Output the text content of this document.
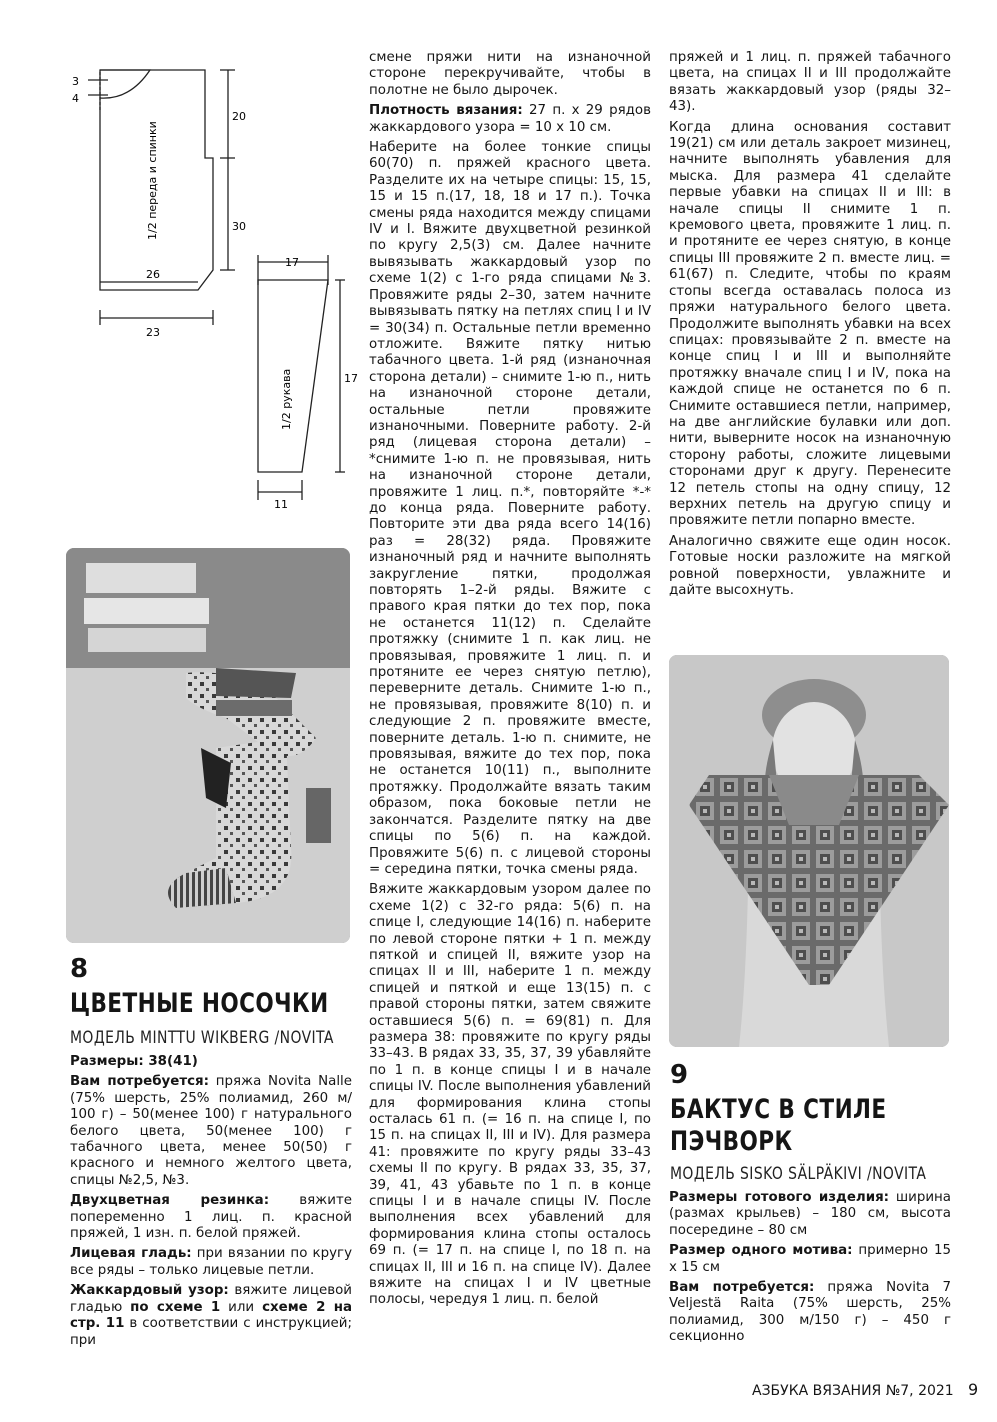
3
4
20
30
26
23
17
17
11
1/2 переда и спинки
1/2 рукава
8
ЦВЕТНЫЕ НОСОЧКИ
МОДЕЛЬ MINTTU WIKBERG /NOVITA

Размеры: 38(41)

Вам потребуется: пряжа Novita Nalle (75% шерсть, 25% полиамид, 260 м/ 100 г) – 50(менее 100) г натурального белого цвета, 50(менее 100) г табачного цвета, менее 50(50) г красного и немного желтого цвета, спицы №2,5, №3.

Двухцветная резинка: вяжите попеременно 1 лиц. п. красной пряжей, 1 изн. п. белой пряжей.

Лицевая гладь: при вязании по кругу все ряды – только лицевые петли.

Жаккардовый узор: вяжите лицевой гладью по схеме 1 или схеме 2 на стр. 11 в соответствии с инструкцией; при

смене пряжи нити на изнаночной стороне перекручивайте, чтобы в полотне не было дырочек.

Плотность вязания: 27 п. х 29 рядов жаккардового узора = 10 х 10 см.

Наберите на более тонкие спицы 60(70) п. пряжей красного цвета. Разделите их на четыре спицы: 15, 15, 15 и 15 п.(17, 18, 18 и 17 п.). Точка смены ряда находится между спицами IV и I. Вяжите двухцветной резинкой по кругу 2,5(3) см. Далее начните вывязывать жаккардовый узор по схеме 1(2) с 1-го ряда спицами №3. Провяжите ряды 2–30, затем начните вывязывать пятку на петлях спиц I и IV = 30(34) п. Остальные петли временно отложите. Вяжите пятку нитью табачного цвета. 1-й ряд (изнаночная сторона детали) – снимите 1-ю п., нить на изнаночной стороне детали, остальные петли провяжите изнаночными. Поверните работу. 2-й ряд (лицевая сторона детали) – *снимите 1-ю п. не провязывая, нить на изнаночной стороне детали, провяжите 1 лиц. п.*, повторяйте *-* до конца ряда. Поверните работу. Повторите эти два ряда всего 14(16) раз = 28(32) ряда. Провяжите изнаночный ряд и начните выполнять закругление пятки, продолжая повторять 1–2-й ряды. Вяжите с правого края пятки до тех пор, пока не останется 11(12) п. Сделайте протяжку (снимите 1 п. как лиц. не провязывая, провяжите 1 лиц. п. и протяните ее через снятую петлю), переверните деталь. Снимите 1-ю п., не провязывая, провяжите 8(10) п. и следующие 2 п. провяжите вместе, поверните деталь. 1-ю п. снимите, не провязывая, вяжите до тех пор, пока не останется 10(11) п., выполните протяжку. Продолжайте вязать таким образом, пока боковые петли не закончатся. Разделите пятку на две спицы по 5(6) п. на каждой. Провяжите 5(6) п. с лицевой стороны = середина пятки, точка смены ряда.

Вяжите жаккардовым узором далее по схеме 1(2) с 32-го ряда: 5(6) п. на спице I, следующие 14(16) п. наберите по левой стороне пятки + 1 п. между пяткой и спицей II, вяжите узор на спицах II и III, наберите 1 п. между спицей и пяткой и еще 13(15) п. с правой стороны пятки, затем свяжите оставшиеся 5(6) п. = 69(81) п. Для размера 38: провяжите по кругу ряды 33–43. В рядах 33, 35, 37, 39 убавляйте по 1 п. в конце спицы I и в начале спицы IV. После выполнения убавлений для формирования клина стопы осталась 61 п. (= 16 п. на спице I, по 15 п. на спицах II, III и IV). Для размера 41: провяжите по кругу ряды 33–43 схемы II по кругу. В рядах 33, 35, 37, 39, 41, 43 убавьте по 1 п. в конце спицы I и в начале спицы IV. После выполнения всех убавлений для формирования клина стопы осталось 69 п. (= 17 п. на спице I, по 18 п. на спицах II, III и 16 п. на спице IV). Далее вяжите на спицах I и IV цветные полосы, чередуя 1 лиц. п. белой

пряжей и 1 лиц. п. пряжей табачного цвета, на спицах II и III продолжайте вязать жаккардовый узор (ряды 32–43).

Когда длина основания составит 19(21) см или деталь закроет мизинец, начните выполнять убавления для мыска. Для размера 41 сделайте первые убавки на спицах II и III: в начале спицы II снимите 1 п. кремового цвета, провяжите 1 лиц. п. и протяните ее через снятую, в конце спицы III провяжите 2 п. вместе лиц. = 61(67) п. Следите, чтобы по краям стопы всегда оставалась полоса из пряжи натурального белого цвета. Продолжите выполнять убавки на всех спицах: провязывайте 2 п. вместе на конце спиц I и III и выполняйте протяжку вначале спиц I и IV, пока на каждой спице не останется по 6 п. Снимите оставшиеся петли, например, на две английские булавки или доп. нити, выверните носок на изнаночную сторону работы, сложите лицевыми сторонами друг к другу. Перенесите 12 петель стопы на одну спицу, 12 верхних петель на другую спицу и провяжите петли попарно вместе.

Аналогично свяжите еще один носок. Готовые носки разложите на мягкой ровной поверхности, увлажните и дайте высохнуть.

9
БАКТУС В СТИЛЕ
ПЭЧВОРК
МОДЕЛЬ SISKO SÄLPÄKIVI /NOVITA

Размеры готового изделия: ширина (размах крыльев) – 180 см, высота посередине – 80 см

Размер одного мотива: примерно 15 х 15 см

Вам потребуется: пряжа Novita 7 Veljestä Raita (75% шерсть, 25% полиамид, 300 м/150 г) – 450 г секционно

АЗБУКА ВЯЗАНИЯ №7, 2021 9
